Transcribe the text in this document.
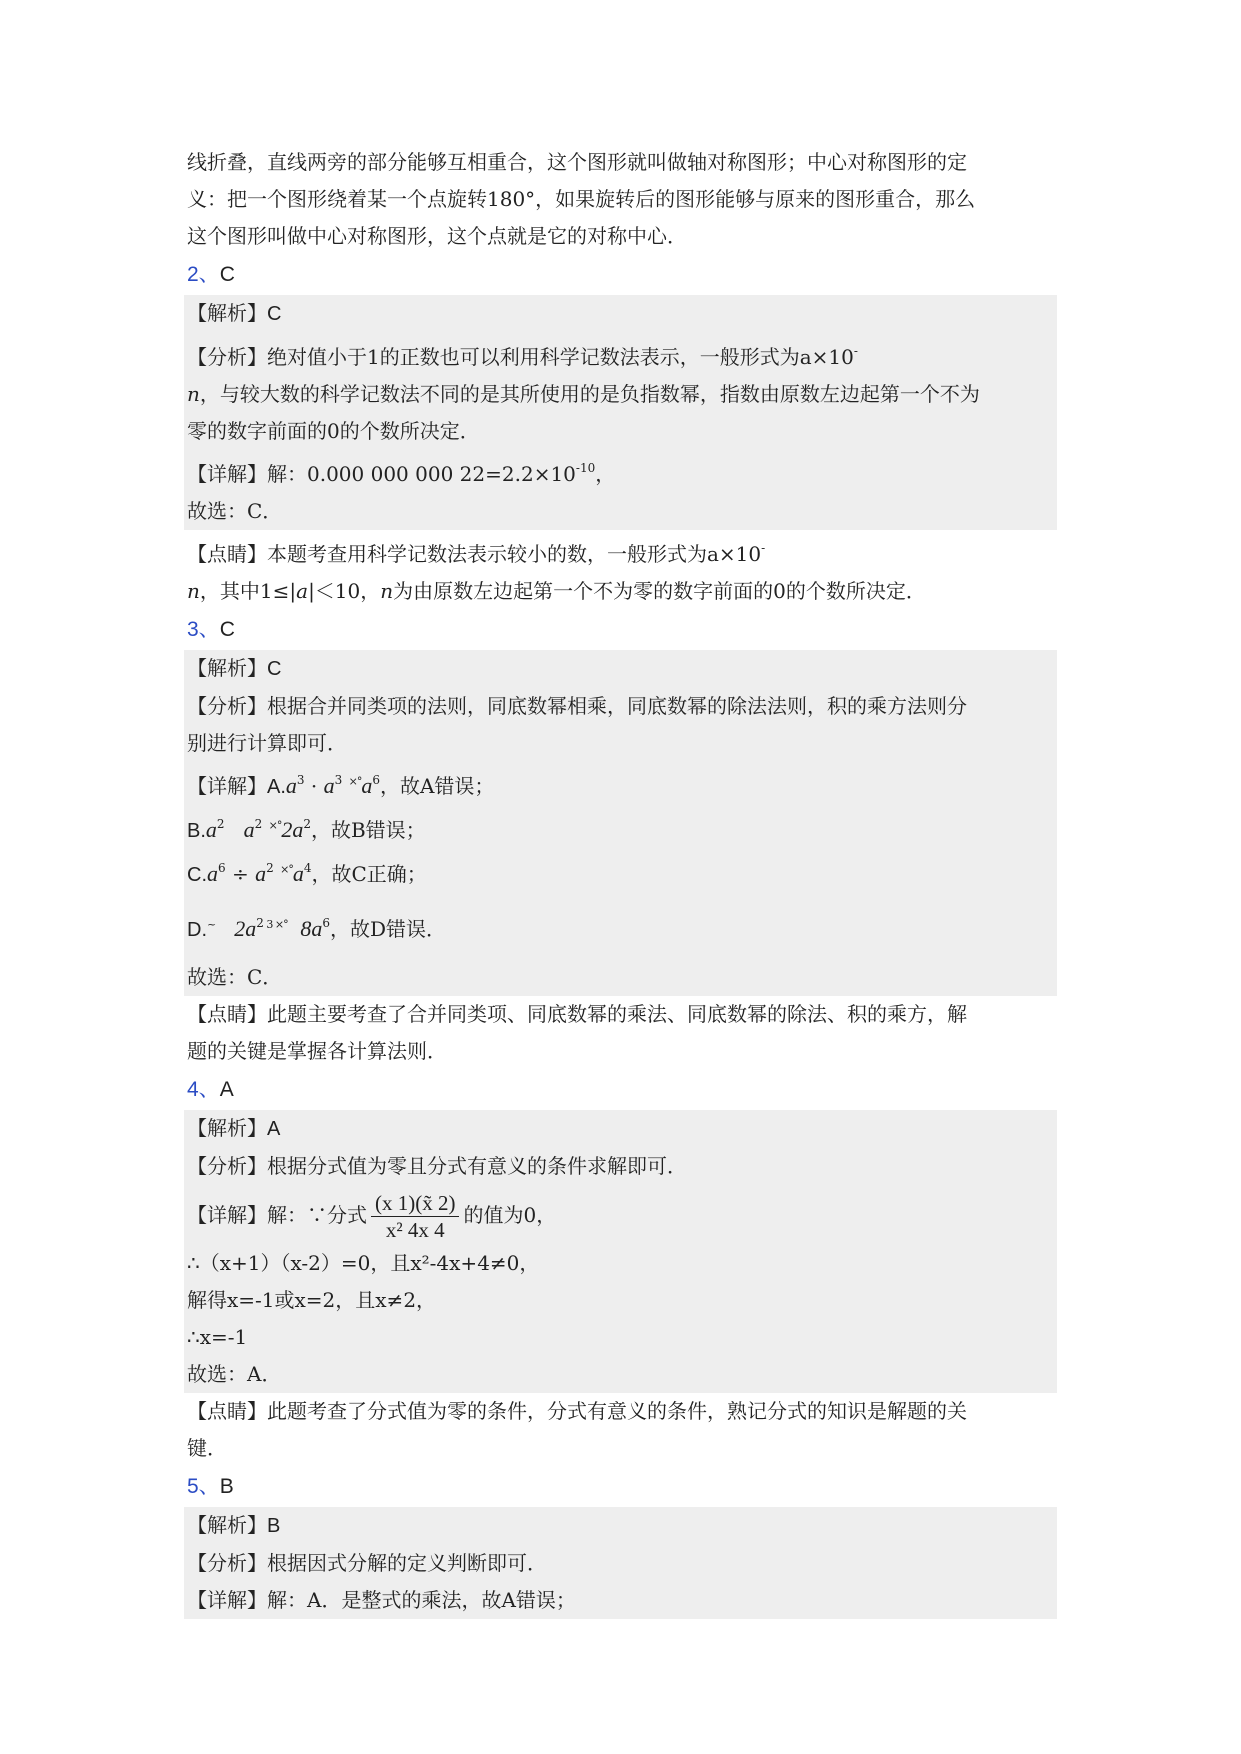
线折叠，直线两旁的部分能够互相重合，这个图形就叫做轴对称图形；中心对称图形的定
义：把一个图形绕着某一个点旋转180°，如果旋转后的图形能够与原来的图形重合，那么
这个图形叫做中心对称图形，这个点就是它的对称中心．
2、C
【解析】C
【分析】绝对值小于1的正数也可以利用科学记数法表示，一般形式为a×10-
n，与较大数的科学记数法不同的是其所使用的是负指数幂，指数由原数左边起第一个不为
零的数字前面的0的个数所决定．
【详解】解：0.000 000 000 $22=2.2\times 10^{-10}$，
故选：C．
【点睛】本题考查用科学记数法表示较小的数，一般形式为a×10-
n，其中1≤|a|＜10，n为由原数左边起第一个不为零的数字前面的0的个数所决定．
3、C
【解析】C
【分析】根据合并同类项的法则，同底数幂相乘，同底数幂的除法法则，积的乘方法则分
别进行计算即可．
【详解】$A.a^3 \cdot a^3$ $^{\times^\circ}a^6$，故A错误；
$B.a^2$ $a^2$ $^{\times^\circ}2a^2$，故B错误；
$C.a^6 \div a^2$ $^{\times^\circ}a^4$，故C正确；
D.~ $2a^2$ $^{3 \times^\circ}$ $8a^6$，故D错误．
故选：C．
【点睛】此题主要考查了合并同类项、同底数幂的乘法、同底数幂的除法、积的乘方，解
题的关键是掌握各计算法则．
4、A
【解析】A
【分析】根据分式值为零且分式有意义的条件求解即可．
【详解】解：∵分式 $\frac{(x 1)(x̃ 2)}{\text{x² 4x 4}}$ 的值为0，
∴（x+1）（x-2）=0，且x²-4x+4≠0，
解得x=-1或x=2，且x≠2，
∴x=-1
故选：A．
【点睛】此题考查了分式值为零的条件，分式有意义的条件，熟记分式的知识是解题的关
键．
5、B
【解析】B
【分析】根据因式分解的定义判断即可．
【详解】解：A．是整式的乘法，故A错误；
